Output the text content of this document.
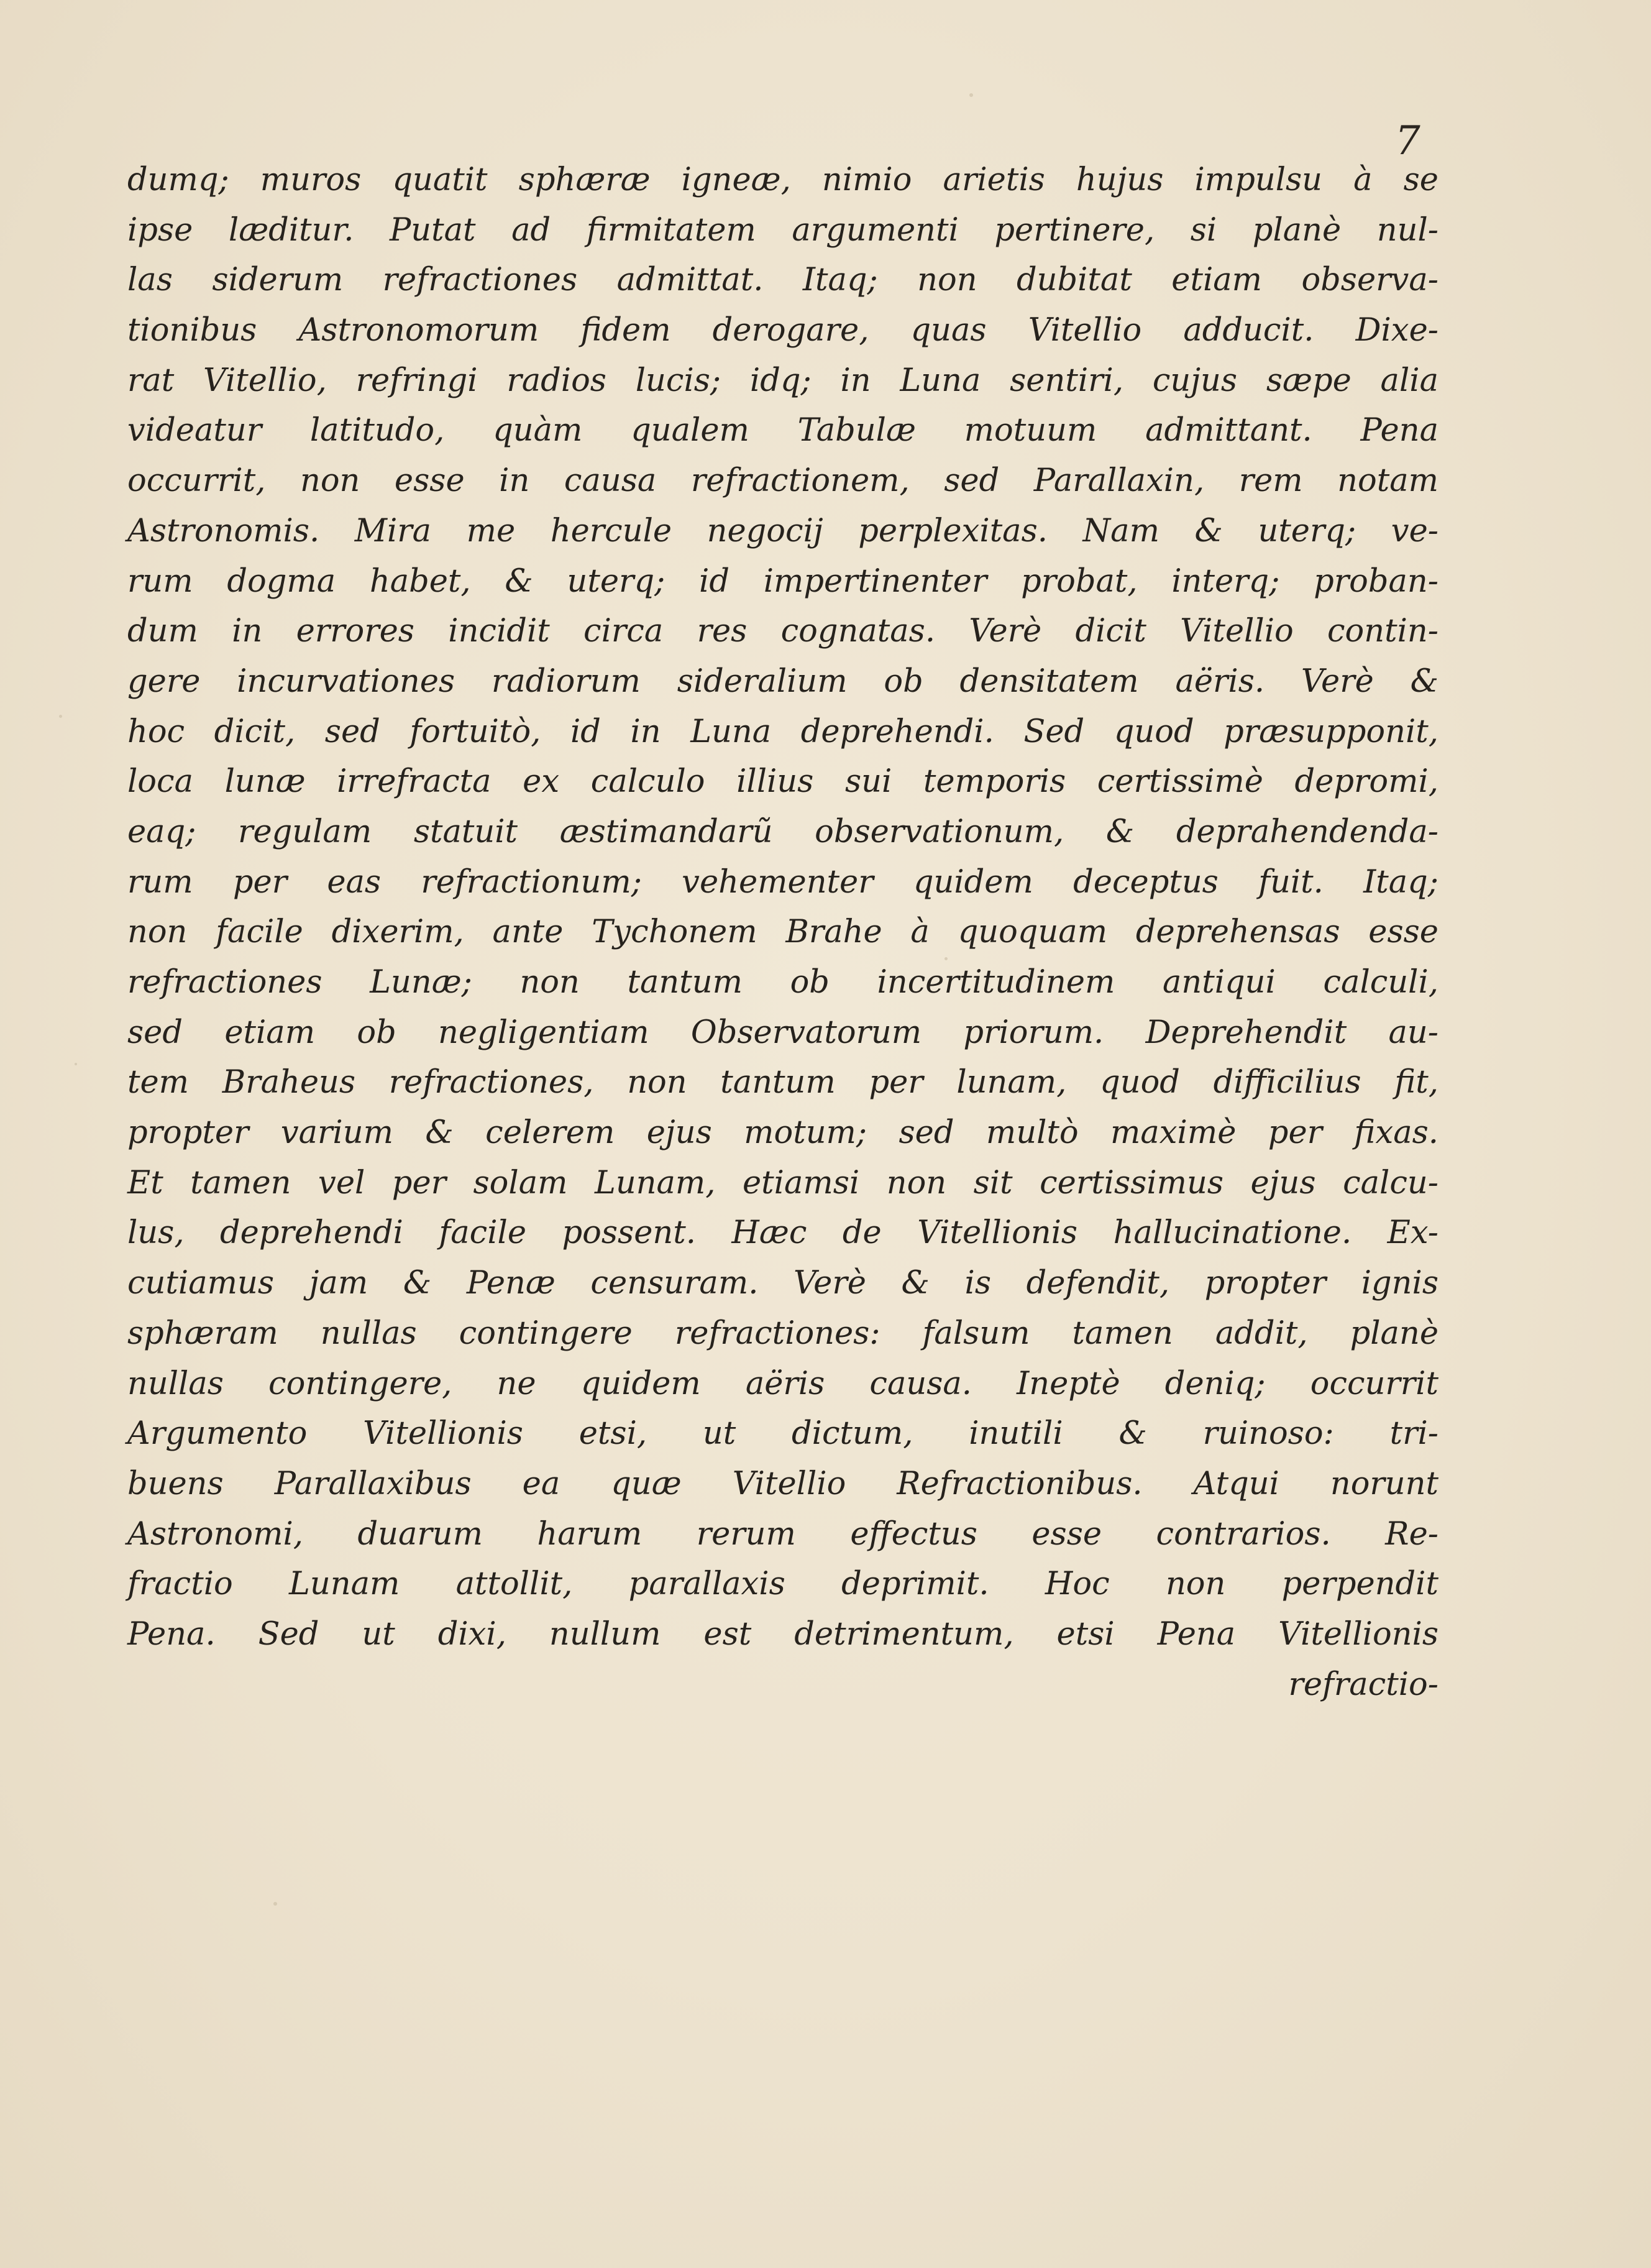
7
dumq; muros quatit sphæræ igneæ, nimio arietis hujus impulsu à se
ipse læditur. Putat ad firmitatem argumenti pertinere, si planè nul-
las siderum refractiones admittat. Itaq; non dubitat etiam observa-
tionibus Astronomorum fidem derogare, quas Vitellio adducit. Dixe-
rat Vitellio, refringi radios lucis; idq; in Luna sentiri, cujus sæpe alia
videatur latitudo, quàm qualem Tabulæ motuum admittant. Pena
occurrit, non esse in causa refractionem, sed Parallaxin, rem notam
Astronomis. Mira me hercule negocij perplexitas. Nam & uterq; ve-
rum dogma habet, & uterq; id impertinenter probat, interq; proban-
dum in errores incidit circa res cognatas. Verè dicit Vitellio contin-
gere incurvationes radiorum sideralium ob densitatem aëris. Verè &
hoc dicit, sed fortuitò, id in Luna deprehendi. Sed quod præsupponit,
loca lunæ irrefracta ex calculo illius sui temporis certissimè depromi,
eaq; regulam statuit æstimandarũ observationum, & deprahendenda-
rum per eas refractionum; vehementer quidem deceptus fuit. Itaq;
non facile dixerim, ante Tychonem Brahe à quoquam deprehensas esse
refractiones Lunæ; non tantum ob incertitudinem antiqui calculi,
sed etiam ob negligentiam Observatorum priorum. Deprehendit au-
tem Braheus refractiones, non tantum per lunam, quod difficilius fit,
propter varium & celerem ejus motum; sed multò maximè per fixas.
Et tamen vel per solam Lunam, etiamsi non sit certissimus ejus calcu-
lus, deprehendi facile possent. Hæc de Vitellionis hallucinatione. Ex-
cutiamus jam & Penæ censuram. Verè & is defendit, propter ignis
sphæram nullas contingere refractiones: falsum tamen addit, planè
nullas contingere, ne quidem aëris causa. Ineptè deniq; occurrit
Argumento Vitellionis etsi, ut dictum, inutili & ruinoso: tri-
buens Parallaxibus ea quæ Vitellio Refractionibus. Atqui norunt
Astronomi, duarum harum rerum effectus esse contrarios. Re-
fractio Lunam attollit, parallaxis deprimit. Hoc non perpendit
Pena. Sed ut dixi, nullum est detrimentum, etsi Pena Vitellionis
refractio-
